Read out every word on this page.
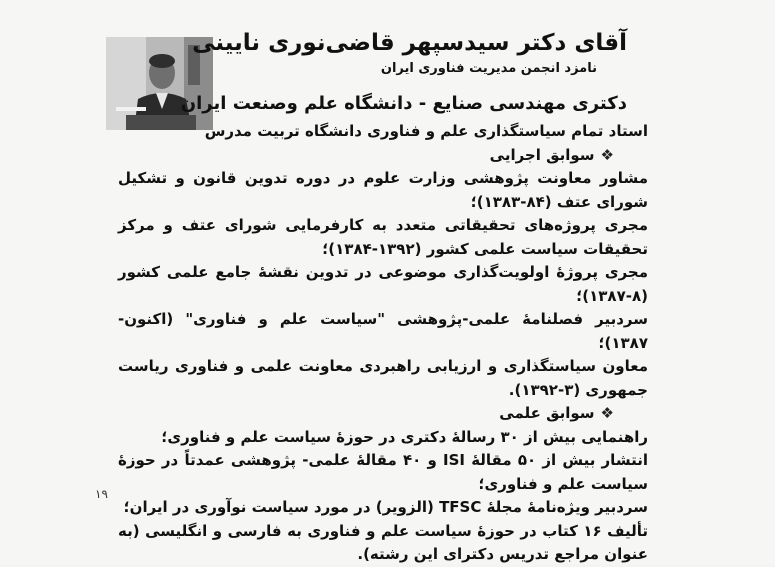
آقای دکتر سیدسپهر قاضی‌نوری نایینی
نامزد انجمن مدیریت فناوری ایران
دکتری مهندسی صنایع - دانشگاه علم وصنعت ایران

استاد تمام سیاستگذاری علم و فناوری دانشگاه تربیت مدرس

❖سوابق اجرایی

مشاور معاونت پژوهشی وزارت علوم در دوره تدوین قانون و تشکیل شورای عتف (۸۴-۱۳۸۳)؛

مجری پروژه‌های تحقیقاتی متعدد به کارفرمایی شورای عتف و مرکز تحقیقات سیاست علمی کشور (۱۳۹۲-۱۳۸۴)؛

مجری پروژهٔ اولویت‌گذاری موضوعی در تدوین نقشهٔ جامع علمی کشور (۸-۱۳۸۷)؛

سردبیر فصلنامهٔ علمی-پژوهشی "سیاست علم و فناوری" (اکنون- ۱۳۸۷)؛

معاون سیاستگذاری و ارزیابی راهبردی معاونت علمی و فناوری ریاست جمهوری (۳-۱۳۹۲).

❖سوابق علمی

راهنمایی بیش از ۳۰ رسالهٔ دکتری در حوزهٔ سیاست علم و فناوری؛

انتشار بیش از ۵۰ مقالهٔ ISI و ۴۰ مقالهٔ علمی- پژوهشی عمدتاً در حوزهٔ سیاست علم و فناوری؛

سردبیر ویژه‌نامهٔ مجلهٔ TFSC (الزویر) در مورد سیاست نوآوری در ایران؛

تألیف ۱۶ کتاب در حوزهٔ سیاست علم و فناوری به فارسی و انگلیسی (به عنوان مراجع تدریس دکترای این رشته).

۱۹
